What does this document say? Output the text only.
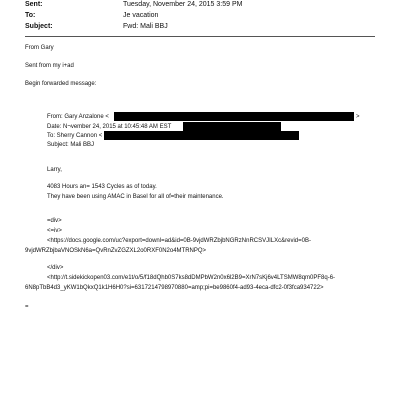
Sent:	Tuesday, November 24, 2015 3:59 PM
To:	Je vacation
Subject:	Fwd: Mali BBJ
From Gary
Sent from my i+ad
Begin forwarded message:
From: Gary Anzalone <	>
Date: N¬vember 24, 2015 at 10:45:48 AM EST
To: Sherry Cannon <
Subject: Mali BBJ
Larry,
4083 Hours an= 1543 Cycles as of today.
They have been using AMAC in Basel for all of=their maintenance.
=div>
<=iv>
<https://docs.google.com/uc?export=downl=ad&id=0B-9vjdWRZbjbNGRzNnRCSVJILXc&revid=0B-
9vjdWRZbjbaVNOSkN6a=QvRnZvZGZXL2o0RXF0N2o4MTRNPQ>
</div>
<http://t.sidekickopen03.com/e1t/o/5/f18dQhb0S7ks8dDMPbW2n0x6l2B9=XrN7sKj6v4LTSMW8qm0PF8q-6-
6N8pTbB4d3_yKW1bQkxQ1k1H6H0?si=6317214798970880=amp;pi=be9860f4-ad93-4eca-dfc2-0f3fca934722>
=
